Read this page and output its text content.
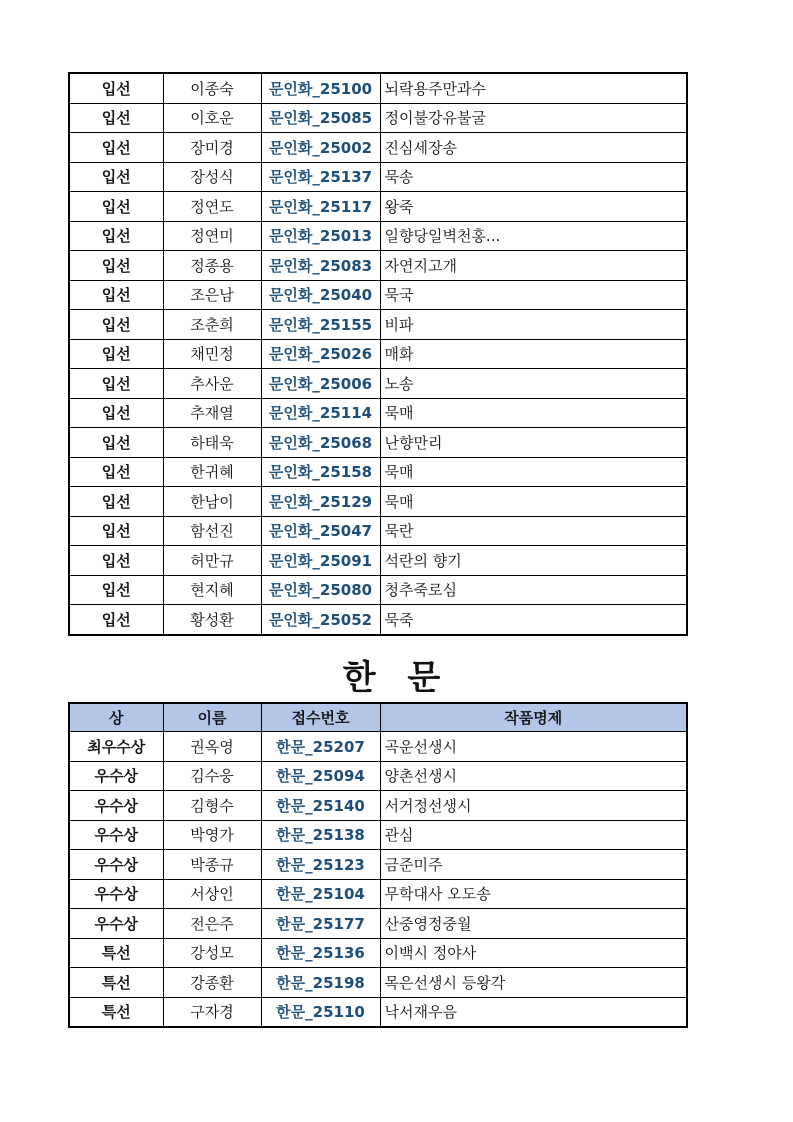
입선	이종숙	문인화_25100	뇌락용주만과수
입선	이호운	문인화_25085	정이불강유불굴
입선	장미경	문인화_25002	진심세장송
입선	장성식	문인화_25137	묵송
입선	정연도	문인화_25117	왕죽
입선	정연미	문인화_25013	일향당일벽천홍...
입선	정종용	문인화_25083	자연지고개
입선	조은남	문인화_25040	묵국
입선	조춘희	문인화_25155	비파
입선	채민정	문인화_25026	매화
입선	추사운	문인화_25006	노송
입선	추재열	문인화_25114	묵매
입선	하태욱	문인화_25068	난향만리
입선	한귀혜	문인화_25158	묵매
입선	한남이	문인화_25129	묵매
입선	함선진	문인화_25047	묵란
입선	허만규	문인화_25091	석란의 향기
입선	현지혜	문인화_25080	청추죽로심
입선	황성환	문인화_25052	묵죽
한 문
상	이름	접수번호	작품명제
최우수상	권옥영	한문_25207	곡운선생시
우수상	김수웅	한문_25094	양촌선생시
우수상	김형수	한문_25140	서거정선생시
우수상	박영가	한문_25138	관심
우수상	박종규	한문_25123	금준미주
우수상	서상인	한문_25104	무학대사 오도송
우수상	전은주	한문_25177	산중영정중월
특선	강성모	한문_25136	이백시 정야사
특선	강종환	한문_25198	목은선생시 등왕각
특선	구자경	한문_25110	낙서재우음
